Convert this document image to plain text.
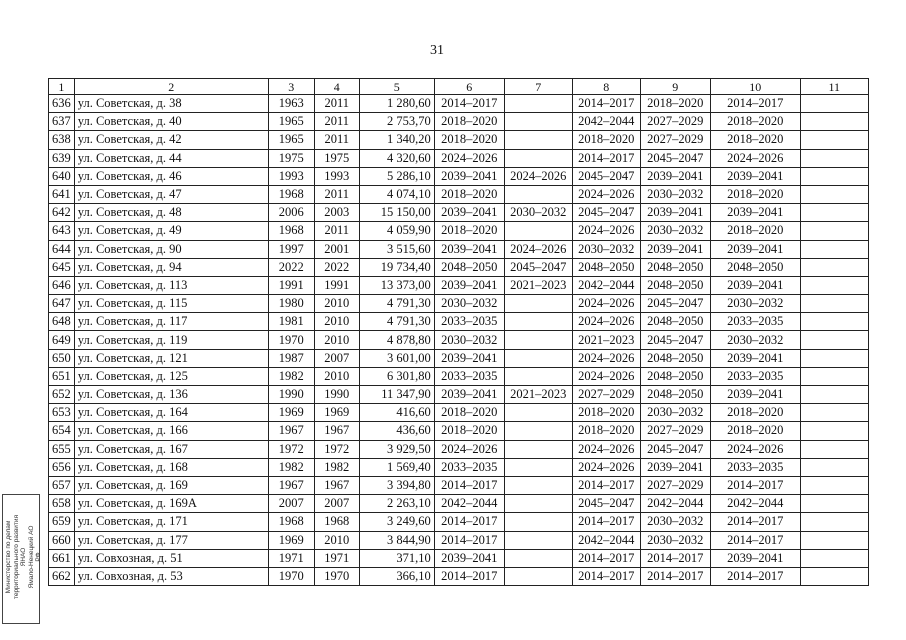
31
1	2	3	4	5	6	7	8	9	10	11
636	ул. Советская, д. 38	1963	2011	1 280,60	2014–2017		2014–2017	2018–2020	2014–2017	
637	ул. Советская, д. 40	1965	2011	2 753,70	2018–2020		2042–2044	2027–2029	2018–2020	
638	ул. Советская, д. 42	1965	2011	1 340,20	2018–2020		2018–2020	2027–2029	2018–2020	
639	ул. Советская, д. 44	1975	1975	4 320,60	2024–2026		2014–2017	2045–2047	2024–2026	
640	ул. Советская, д. 46	1993	1993	5 286,10	2039–2041	2024–2026	2045–2047	2039–2041	2039–2041	
641	ул. Советская, д. 47	1968	2011	4 074,10	2018–2020		2024–2026	2030–2032	2018–2020	
642	ул. Советская, д. 48	2006	2003	15 150,00	2039–2041	2030–2032	2045–2047	2039–2041	2039–2041	
643	ул. Советская, д. 49	1968	2011	4 059,90	2018–2020		2024–2026	2030–2032	2018–2020	
644	ул. Советская, д. 90	1997	2001	3 515,60	2039–2041	2024–2026	2030–2032	2039–2041	2039–2041	
645	ул. Советская, д. 94	2022	2022	19 734,40	2048–2050	2045–2047	2048–2050	2048–2050	2048–2050	
646	ул. Советская, д. 113	1991	1991	13 373,00	2039–2041	2021–2023	2042–2044	2048–2050	2039–2041	
647	ул. Советская, д. 115	1980	2010	4 791,30	2030–2032		2024–2026	2045–2047	2030–2032	
648	ул. Советская, д. 117	1981	2010	4 791,30	2033–2035		2024–2026	2048–2050	2033–2035	
649	ул. Советская, д. 119	1970	2010	4 878,80	2030–2032		2021–2023	2045–2047	2030–2032	
650	ул. Советская, д. 121	1987	2007	3 601,00	2039–2041		2024–2026	2048–2050	2039–2041	
651	ул. Советская, д. 125	1982	2010	6 301,80	2033–2035		2024–2026	2048–2050	2033–2035	
652	ул. Советская, д. 136	1990	1990	11 347,90	2039–2041	2021–2023	2027–2029	2048–2050	2039–2041	
653	ул. Советская, д. 164	1969	1969	416,60	2018–2020		2018–2020	2030–2032	2018–2020	
654	ул. Советская, д. 166	1967	1967	436,60	2018–2020		2018–2020	2027–2029	2018–2020	
655	ул. Советская, д. 167	1972	1972	3 929,50	2024–2026		2024–2026	2045–2047	2024–2026	
656	ул. Советская, д. 168	1982	1982	1 569,40	2033–2035		2024–2026	2039–2041	2033–2035	
657	ул. Советская, д. 169	1967	1967	3 394,80	2014–2017		2014–2017	2027–2029	2014–2017	
658	ул. Советская, д. 169А	2007	2007	2 263,10	2042–2044		2045–2047	2042–2044	2042–2044	
659	ул. Советская, д. 171	1968	1968	3 249,60	2014–2017		2014–2017	2030–2032	2014–2017	
660	ул. Советская, д. 177	1969	2010	3 844,90	2014–2017		2042–2044	2030–2032	2014–2017	
661	ул. Совхозная, д. 51	1971	1971	371,10	2039–2041		2014–2017	2014–2017	2039–2041	
662	ул. Совхозная, д. 53	1970	1970	366,10	2014–2017		2014–2017	2014–2017	2014–2017	
Министерство по делам территориального развития ЯНАО Ямало-Ненецкий АО РФ
